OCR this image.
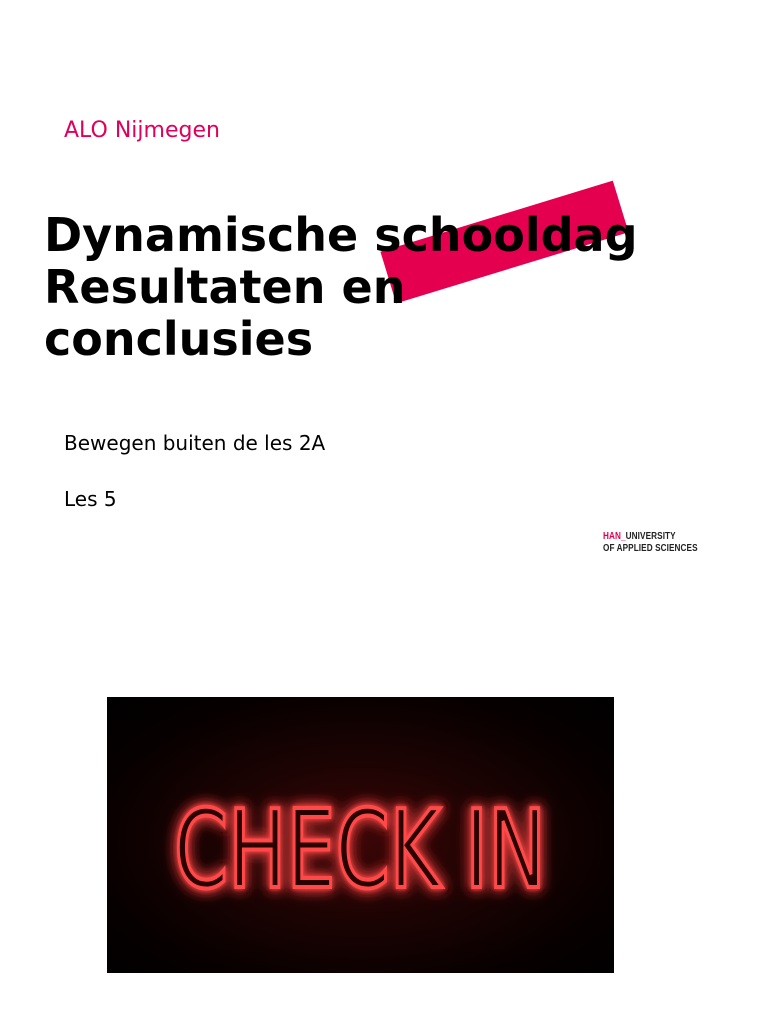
ALO Nijmegen
Dynamische schooldag
Resultaten en
conclusies
Bewegen buiten de les 2A
Les 5
HAN_UNIVERSITY
OF APPLIED SCIENCES
CHECK IN
